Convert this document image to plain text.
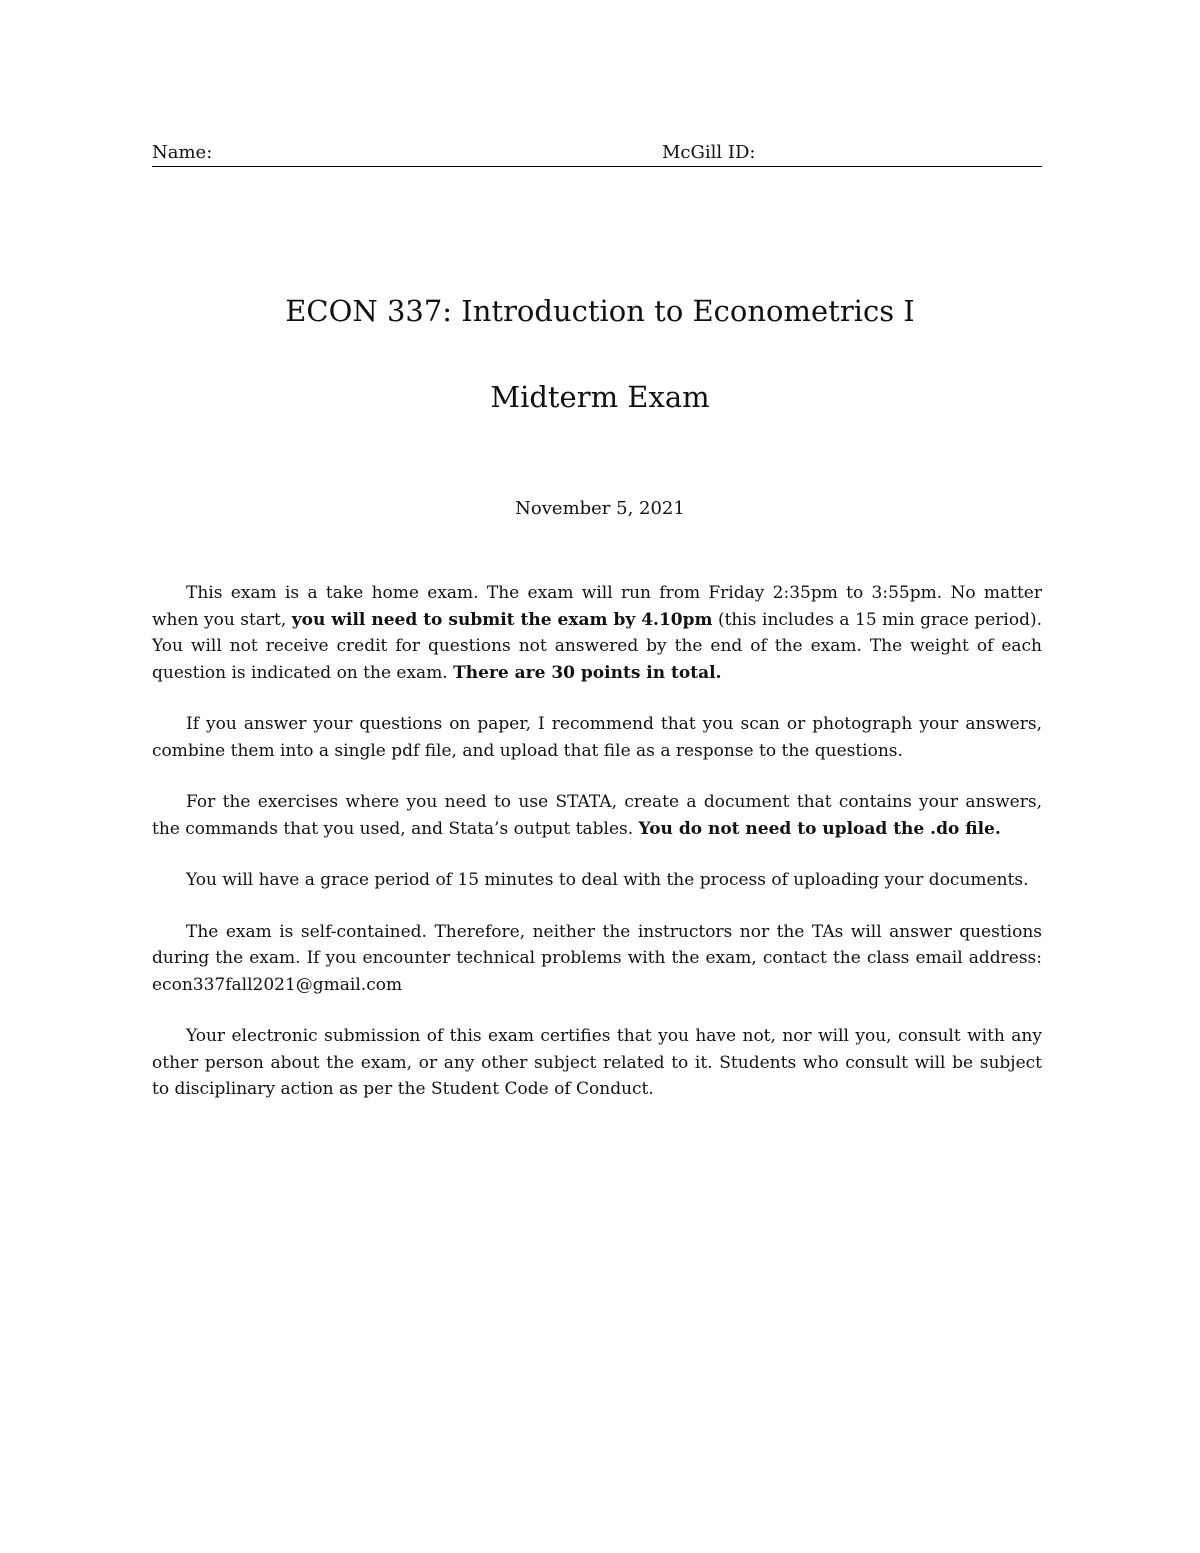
Name:	McGill ID:
ECON 337: Introduction to Econometrics I
Midterm Exam
November 5, 2021

This exam is a take home exam. The exam will run from Friday 2:35pm to 3:55pm. No matter when you start, you will need to submit the exam by 4.10pm (this includes a 15 min grace period). You will not receive credit for questions not answered by the end of the exam. The weight of each question is indicated on the exam. There are 30 points in total.

If you answer your questions on paper, I recommend that you scan or photograph your answers, combine them into a single pdf file, and upload that file as a response to the questions.

For the exercises where you need to use STATA, create a document that contains your answers, the commands that you used, and Stata’s output tables. You do not need to upload the .do file.

You will have a grace period of 15 minutes to deal with the process of uploading your documents.

The exam is self-contained. Therefore, neither the instructors nor the TAs will answer questions during the exam. If you encounter technical problems with the exam, contact the class email address: econ337fall2021@gmail.com

Your electronic submission of this exam certifies that you have not, nor will you, consult with any other person about the exam, or any other subject related to it. Students who consult will be subject to disciplinary action as per the Student Code of Conduct.
